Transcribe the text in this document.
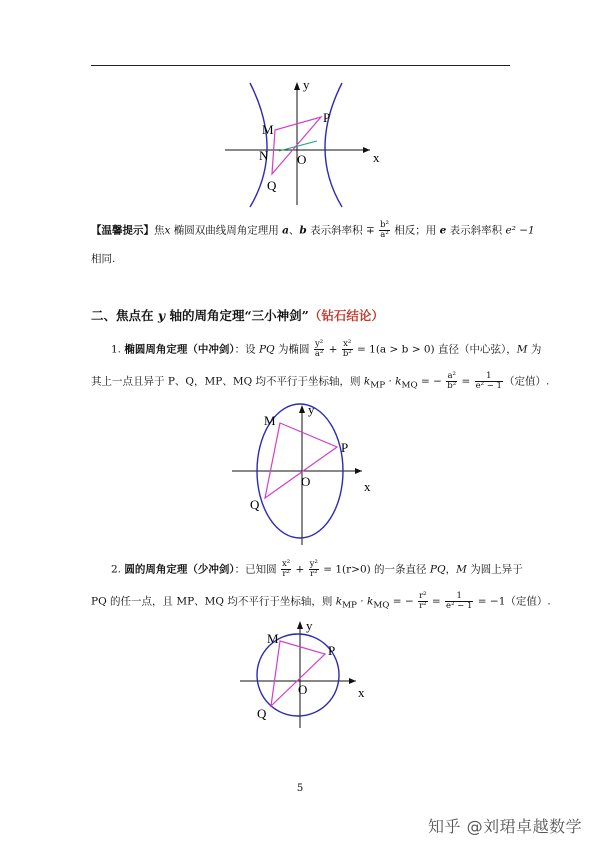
y
x
O
M
N
P
Q
【温馨提示】焦x 椭圆双曲线周角定理用 a、b 表示斜率积 ∓ $\frac{\text{b²}}{\text{a²}}$ 相反；用 e 表示斜率积 e² −1
相同.
二、焦点在 y 轴的周角定理“三小神剑”（钻石结论）
1. 椭圆周角定理（中冲剑）：设 PQ 为椭圆 $\frac{\text{y²}}{\text{a²}} + \frac{\text{x²}}{\text{b²}} = 1(a > b > 0)$ 直径（中心弦），M 为
其上一点且异于 P、Q，MP、MQ 均不平行于坐标轴，则 $k_{MP} \cdot k_{MQ}$ = − $\frac{\text{a²}}{\text{b²}} = \frac{1}{\text{e² − 1}}$ （定值）.
y
x
O
M
P
Q
2. 圆的周角定理（少冲剑）：已知圆 $\frac{\text{x²}}{\text{r²}} + \frac{\text{y²}}{\text{r²}} = 1(r>0)$ 的一条直径 PQ，M 为圆上异于
PQ 的任一点，且 MP、MQ 均不平行于坐标轴，则 $k_{MP} \cdot k_{MQ}$ = − $\frac{\text{r²}}{\text{r²}} = \frac{1}{\text{e² − 1}} = -1$（定值）.
y
x
O
M
P
Q
5
知乎 @刘珺卓越数学
